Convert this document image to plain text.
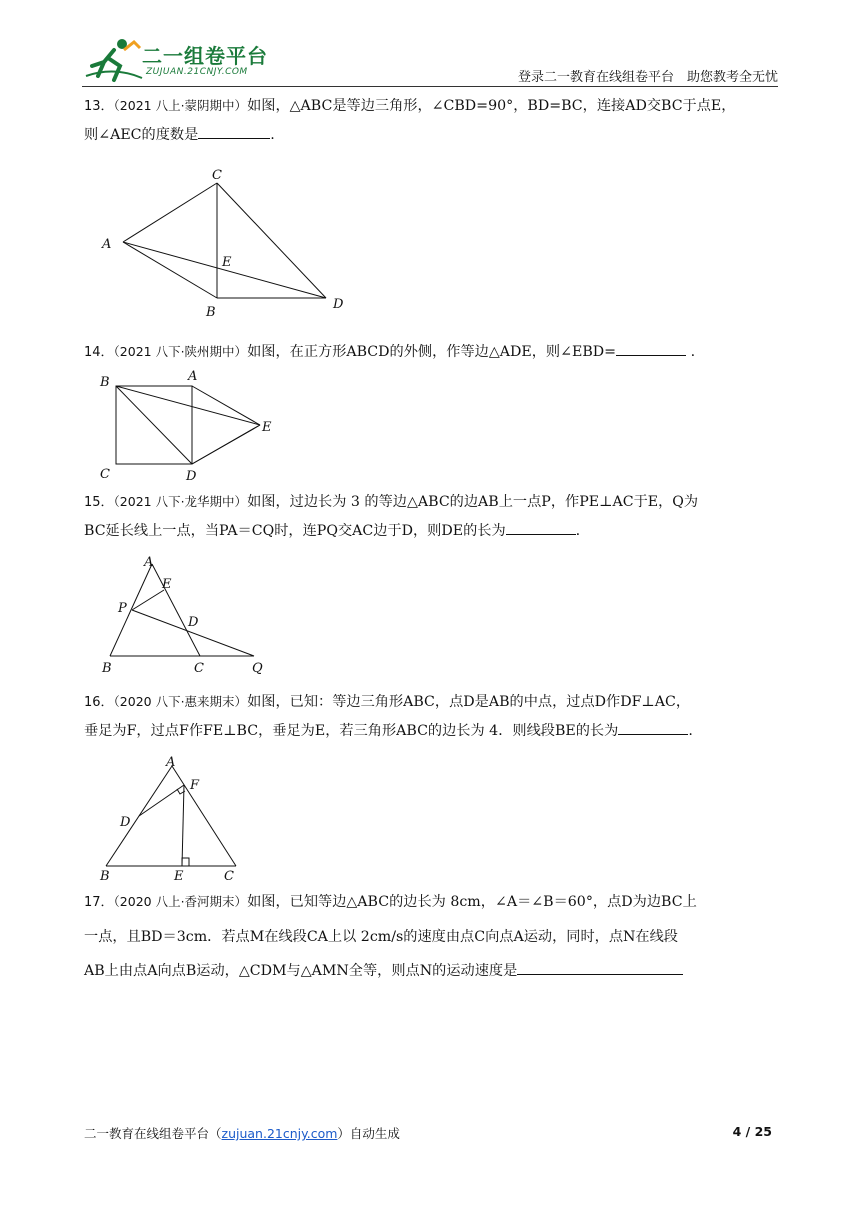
二一组卷平台
ZUJUAN.21CNJY.COM	登录二一教育在线组卷平台　助您教考全无忧
13．（2021 八上·蒙阴期中）如图，△ABC是等边三角形，∠CBD=90°，BD=BC，连接AD交BC于点E，
则∠AEC的度数是	.
C
A
E
B
D
14．（2021 八下·陕州期中）如图，在正方形ABCD的外侧，作等边△ADE，则∠EBD=	.
B	A
E
C	D
15．（2021 八下·龙华期中）如图，过边长为 3 的等边△ABC的边AB上一点P，作PE⊥AC于E，Q为
BC延长线上一点，当PA＝CQ时，连PQ交AC边于D，则DE的长为	.
A
E
P
D
B	C	Q
16．（2020 八下·惠来期末）如图，已知：等边三角形ABC，点D是AB的中点，过点D作DF⊥AC，
垂足为F，过点F作FE⊥BC，垂足为E，若三角形ABC的边长为 4．则线段BE的长为	.
A
F
D
B	E	C
17．（2020 八上·香河期末）如图，已知等边△ABC的边长为 8cm，∠A＝∠B＝60°，点D为边BC上
一点，且BD＝3cm．若点M在线段CA上以 2cm/s的速度由点C向点A运动，同时，点N在线段
AB上由点A向点B运动，△CDM与△AMN全等，则点N的运动速度是
二一教育在线组卷平台（zujuan.21cnjy.com）自动生成	4 / 25
